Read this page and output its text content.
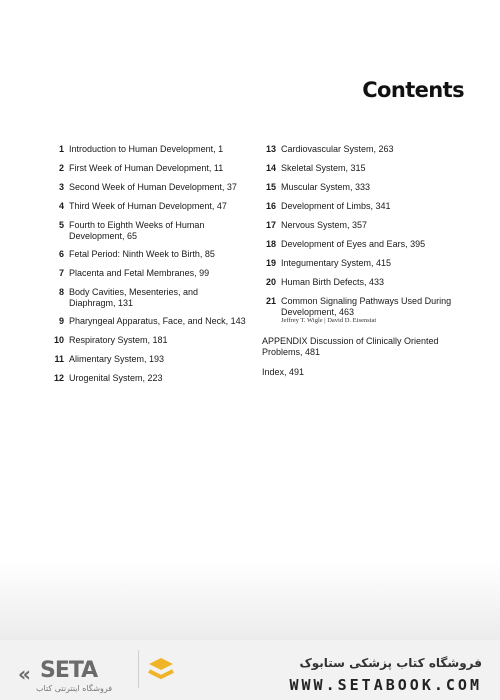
Contents
1 Introduction to Human Development, 1
2 First Week of Human Development, 11
3 Second Week of Human Development, 37
4 Third Week of Human Development, 47
5 Fourth to Eighth Weeks of Human Development, 65
6 Fetal Period: Ninth Week to Birth, 85
7 Placenta and Fetal Membranes, 99
8 Body Cavities, Mesenteries, and Diaphragm, 131
9 Pharyngeal Apparatus, Face, and Neck, 143
10 Respiratory System, 181
11 Alimentary System, 193
12 Urogenital System, 223
13 Cardiovascular System, 263
14 Skeletal System, 315
15 Muscular System, 333
16 Development of Limbs, 341
17 Nervous System, 357
18 Development of Eyes and Ears, 395
19 Integumentary System, 415
20 Human Birth Defects, 433
21 Common Signaling Pathways Used During Development, 463
Jeffrey T. Wigle | David D. Eisenstat
APPENDIX Discussion of Clinically Oriented Problems, 481
Index, 491
« SETA
فروشگاه اینترنتی کتاب
فروشگاه کتاب پزشکی ستابوک
WWW.SETABOOK.COM
